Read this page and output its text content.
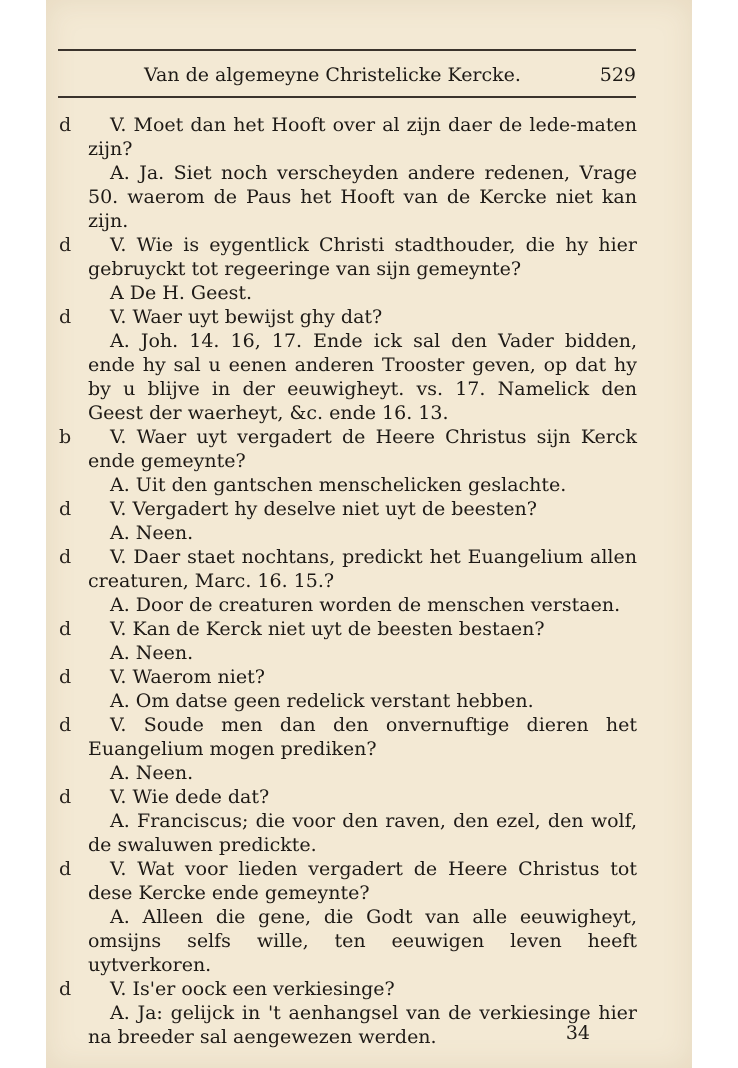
Van de algemeyne Christelicke Kercke.	529
d	V. Moet dan het Hooft over al zijn daer de lede-maten zijn?
A. Ja. Siet noch verscheyden andere redenen, Vrage 50. waerom de Paus het Hooft van de Kercke niet kan zijn.
d	V. Wie is eygentlick Christi stadthouder, die hy hier gebruyckt tot regeeringe van sijn gemeynte?
A De H. Geest.
d	V. Waer uyt bewijst ghy dat?
A. Joh. 14. 16, 17. Ende ick sal den Vader bidden, ende hy sal u eenen anderen Trooster geven, op dat hy by u blijve in der eeuwigheyt. vs. 17. Namelick den Geest der waerheyt, &c. ende 16. 13.
b	V. Waer uyt vergadert de Heere Christus sijn Kerck ende gemeynte?
A. Uit den gantschen menschelicken geslachte.
d	V. Vergadert hy deselve niet uyt de beesten?
A. Neen.
d	V. Daer staet nochtans, predickt het Euangelium allen creaturen, Marc. 16. 15.?
A. Door de creaturen worden de menschen verstaen.
d	V. Kan de Kerck niet uyt de beesten bestaen?
A. Neen.
d	V. Waerom niet?
A. Om datse geen redelick verstant hebben.
d	V. Soude men dan den onvernuftige dieren het Euangelium mogen prediken?
A. Neen.
d	V. Wie dede dat?
A. Franciscus; die voor den raven, den ezel, den wolf, de swaluwen predickte.
d	V. Wat voor lieden vergadert de Heere Christus tot dese Kercke ende gemeynte?
A. Alleen die gene, die Godt van alle eeuwigheyt, omsijns selfs wille, ten eeuwigen leven heeft uytverkoren.
d	V. Is'er oock een verkiesinge?
A. Ja: gelijck in 't aenhangsel van de verkiesinge hier na breeder sal aengewezen werden.	34
